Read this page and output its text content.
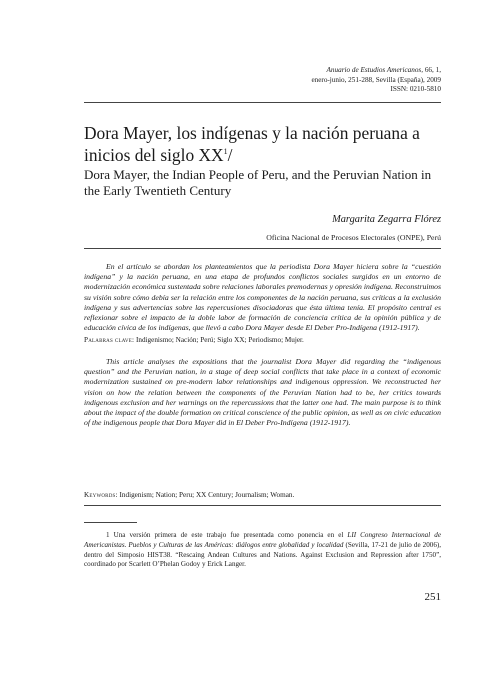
Anuario de Estudios Americanos, 66, 1,
enero-junio, 251-288, Sevilla (España), 2009
ISSN: 0210-5810
Dora Mayer, los indígenas y la nación peruana a inicios del siglo $XX^1/$
Dora Mayer, the Indian People of Peru, and the Peruvian Nation in the Early Twentieth Century
Margarita Zegarra Flórez
Oficina Nacional de Procesos Electorales (ONPE), Perú

En el artículo se abordan los planteamientos que la periodista Dora Mayer hiciera sobre la “cuestión indígena” y la nación peruana, en una etapa de profundos conflictos sociales surgidos en un entorno de modernización económica sustentada sobre relaciones laborales premodernas y opresión indígena. Reconstruimos su visión sobre cómo debía ser la relación entre los componentes de la nación peruana, sus críticas a la exclusión indígena y sus advertencias sobre las repercusiones disociadoras que ésta última tenía. El propósito central es reflexionar sobre el impacto de la doble labor de formación de conciencia crítica de la opinión pública y de educación cívica de los indígenas, que llevó a cabo Dora Mayer desde El Deber Pro-Indígena (1912-1917).

Palabras clave: Indigenismo; Nación; Perú; Siglo XX; Periodismo; Mujer.

This article analyses the expositions that the journalist Dora Mayer did regarding the “indigenous question” and the Peruvian nation, in a stage of deep social conflicts that take place in a context of economic modernization sustained on pre-modern labor relationships and indigenous oppression. We reconstructed her vision on how the relation between the components of the Peruvian Nation had to be, her critics towards indigenous exclusion and her warnings on the repercussions that the latter one had. The main purpose is to think about the impact of the double formation on critical conscience of the public opinion, as well as on civic education of the indigenous people that Dora Mayer did in El Deber Pro-Indígena (1912-1917).

Keywords: Indigenism; Nation; Peru; XX Century; Journalism; Woman.

1 Una versión primera de este trabajo fue presentada como ponencia en el LII Congreso Internacional de Americanistas. Pueblos y Culturas de las Américas: diálogos entre globalidad y localidad (Sevilla, 17-21 de julio de 2006), dentro del Simposio HIST38. “Rescaing Andean Cultures and Nations. Against Exclusion and Repression after 1750”, coordinado por Scarlett O’Phelan Godoy y Erick Langer.

251
